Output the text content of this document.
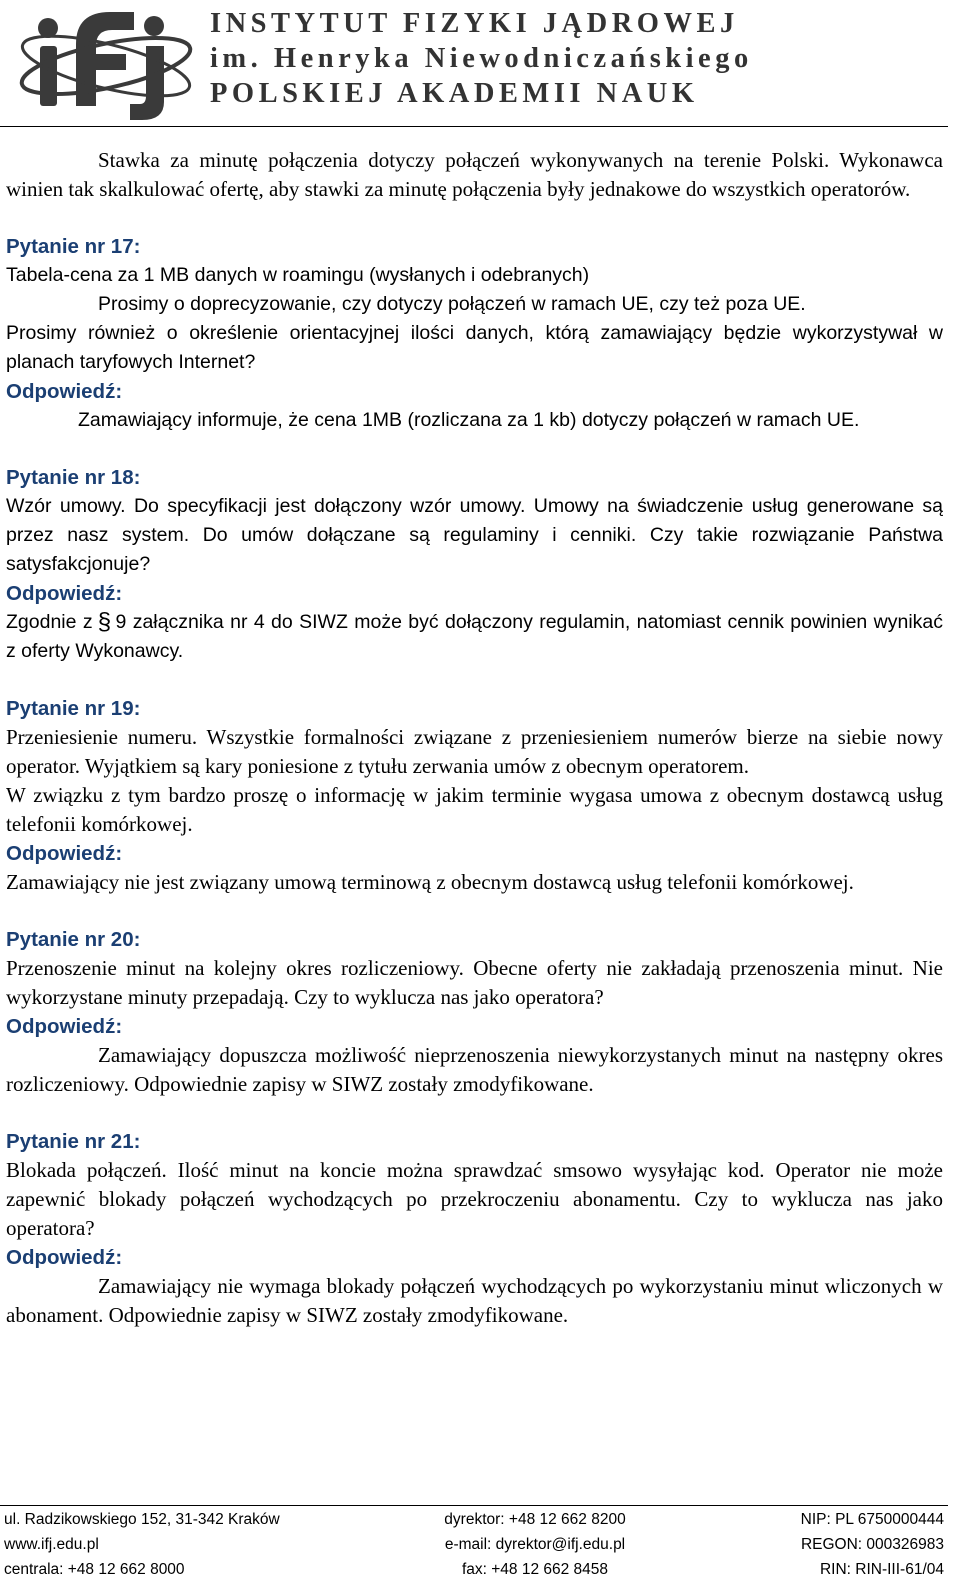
INSTYTUT FIZYKI JĄDROWEJ
im. Henryka Niewodniczańskiego
POLSKIEJ AKADEMII NAUK

Stawka za minutę połączenia dotyczy połączeń wykonywanych na terenie Polski. Wykonawca winien tak skalkulować ofertę, aby stawki za minutę połączenia były jednakowe do wszystkich operatorów.

Pytanie nr 17:

Tabela-cena za 1 MB danych w roamingu (wysłanych i odebranych)

Prosimy o doprecyzowanie, czy dotyczy połączeń w ramach UE, czy też poza UE.

Prosimy również o określenie orientacyjnej ilości danych, którą zamawiający będzie wykorzystywał w planach taryfowych Internet?

Odpowiedź:

Zamawiający informuje, że cena 1MB (rozliczana za 1 kb) dotyczy połączeń w ramach UE.

Pytanie nr 18:

Wzór umowy. Do specyfikacji jest dołączony wzór umowy. Umowy na świadczenie usług generowane są przez nasz system. Do umów dołączane są regulaminy i cenniki. Czy takie rozwiązanie Państwa satysfakcjonuje?

Odpowiedź:

Zgodnie z § 9 załącznika nr 4 do SIWZ może być dołączony regulamin, natomiast cennik powinien wynikać z oferty Wykonawcy.

Pytanie nr 19:

Przeniesienie numeru. Wszystkie formalności związane z przeniesieniem numerów bierze na siebie nowy operator. Wyjątkiem są kary poniesione z tytułu zerwania umów z obecnym operatorem.

W związku z tym bardzo proszę o informację w jakim terminie wygasa umowa z obecnym dostawcą usług telefonii komórkowej.

Odpowiedź:

Zamawiający nie jest związany umową terminową z obecnym dostawcą usług telefonii komórkowej.

Pytanie nr 20:

Przenoszenie minut na kolejny okres rozliczeniowy. Obecne oferty nie zakładają przenoszenia minut. Nie wykorzystane minuty przepadają. Czy to wyklucza nas jako operatora?

Odpowiedź:

Zamawiający dopuszcza możliwość nieprzenoszenia niewykorzystanych minut na następny okres rozliczeniowy. Odpowiednie zapisy w SIWZ zostały zmodyfikowane.

Pytanie nr 21:

Blokada połączeń. Ilość minut na koncie można sprawdzać smsowo wysyłając kod. Operator nie może zapewnić blokady połączeń wychodzących po przekroczeniu abonamentu. Czy to wyklucza nas jako operatora?

Odpowiedź:

Zamawiający nie wymaga blokady połączeń wychodzących po wykorzystaniu minut wliczonych w abonament. Odpowiednie zapisy w SIWZ zostały zmodyfikowane.

ul. Radzikowskiego 152, 31-342 Kraków
www.ifj.edu.pl
centrala: +48 12 662 8000
dyrektor: +48 12 662 8200
e-mail: dyrektor@ifj.edu.pl
fax: +48 12 662 8458
NIP: PL 6750000444
REGON: 000326983
RIN: RIN-III-61/04
